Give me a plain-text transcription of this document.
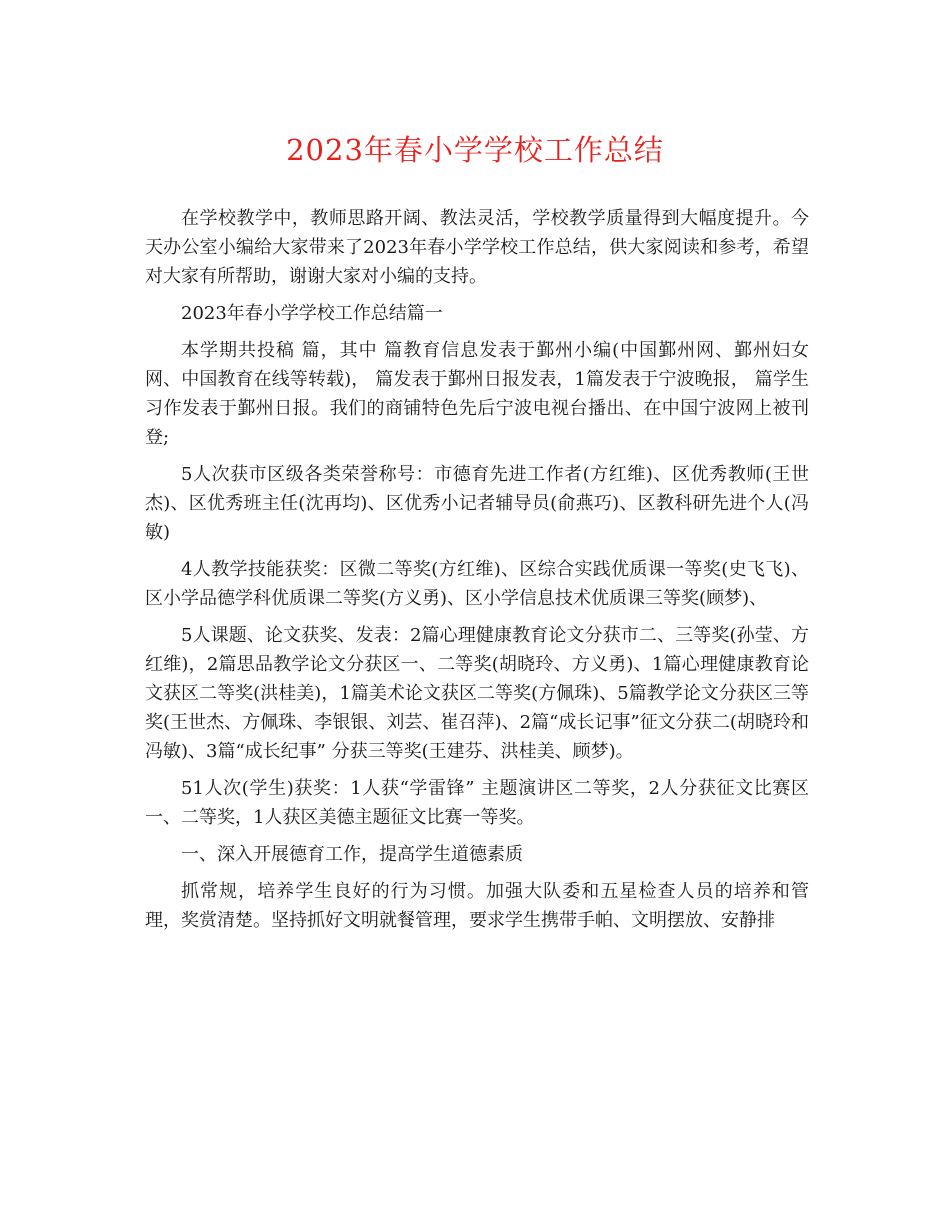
2023年春小学学校工作总结

在学校教学中，教师思路开阔、教法灵活，学校教学质量得到大幅度提升。今天办公室小编给大家带来了2023年春小学学校工作总结，供大家阅读和参考，希望对大家有所帮助，谢谢大家对小编的支持。

2023年春小学学校工作总结篇一

本学期共投稿 篇，其中 篇教育信息发表于鄞州小编(中国鄞州网、鄞州妇女网、中国教育在线等转载)， 篇发表于鄞州日报发表，1篇发表于宁波晚报， 篇学生习作发表于鄞州日报。我们的商铺特色先后宁波电视台播出、在中国宁波网上被刊登;

5人次获市区级各类荣誉称号：市德育先进工作者(方红维)、区优秀教师(王世杰)、区优秀班主任(沈再均)、区优秀小记者辅导员(俞燕巧)、区教科研先进个人(冯敏)

4人教学技能获奖：区微二等奖(方红维)、区综合实践优质课一等奖(史飞飞)、区小学品德学科优质课二等奖(方义勇)、区小学信息技术优质课三等奖(顾梦)、

5人课题、论文获奖、发表：2篇心理健康教育论文分获市二、三等奖(孙莹、方红维)，2篇思品教学论文分获区一、二等奖(胡晓玲、方义勇)、1篇心理健康教育论文获区二等奖(洪桂美)，1篇美术论文获区二等奖(方佩珠)、5篇教学论文分获区三等奖(王世杰、方佩珠、李银银、刘芸、崔召萍)、2篇“成长记事”征文分获二(胡晓玲和冯敏)、3篇“成长纪事” 分获三等奖(王建芬、洪桂美、顾梦)。

51人次(学生)获奖：1人获“学雷锋” 主题演讲区二等奖，2人分获征文比赛区一、二等奖，1人获区美德主题征文比赛一等奖。

一、深入开展德育工作，提高学生道德素质

抓常规，培养学生良好的行为习惯。加强大队委和五星检查人员的培养和管理，奖赏清楚。坚持抓好文明就餐管理，要求学生携带手帕、文明摆放、安静排
